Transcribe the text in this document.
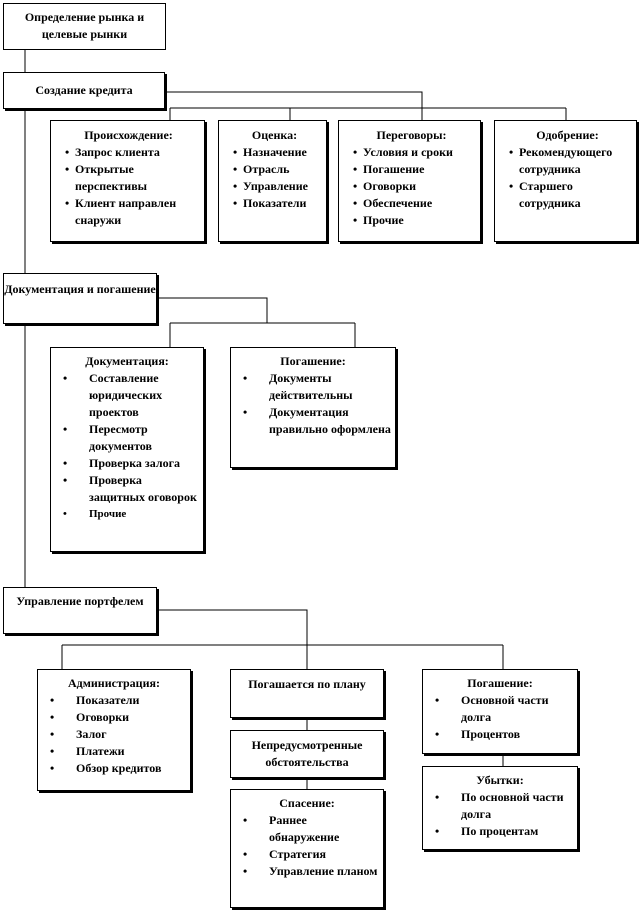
Определение рынка и целевые рынки
Создание кредита
Происхождение:
• Запрос клиента
• Открытые перспективы
• Клиент направлен снаружи
Оценка:
• Назначение
• Отрасль
• Управление
• Показатели
Переговоры:
• Условия и сроки
• Погашение
• Оговорки
• Обеспечение
• Прочие
Одобрение:
• Рекомендующего сотрудника
• Старшего сотрудника
Документация и погашение
Документация:
• Составление юридических проектов
• Пересмотр документов
• Проверка залога
• Проверка защитных оговорок
• Прочие
Погашение:
• Документы действительны
• Документация правильно оформлена
Управление портфелем
Администрация:
• Показатели
• Оговорки
• Залог
• Платежи
• Обзор кредитов
Погашается по плану
Непредусмотренные обстоятельства
Спасение:
• Раннее обнаружение
• Стратегия
• Управление планом
Погашение:
• Основной части долга
• Процентов
Убытки:
• По основной части долга
• По процентам
